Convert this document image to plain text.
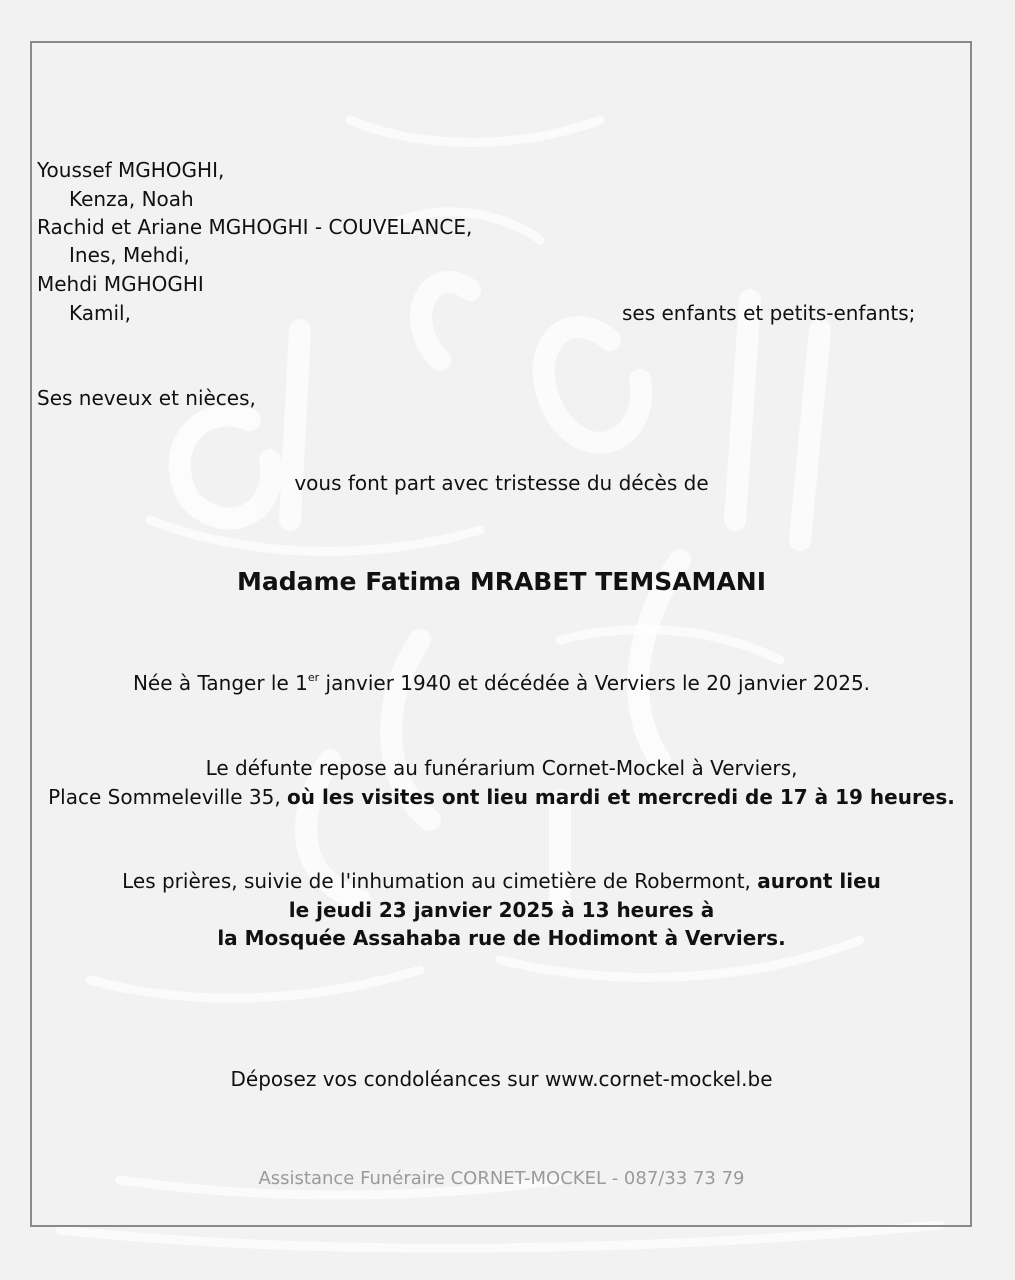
Youssef MGHOGHI,
Kenza, Noah
Rachid et Ariane MGHOGHI - COUVELANCE,
Ines, Mehdi,
Mehdi MGHOGHI
Kamil,	ses enfants et petits-enfants;
Ses neveux et nièces,
vous font part avec tristesse du décès de
Madame Fatima MRABET TEMSAMANI
Née à Tanger le 1er janvier 1940 et décédée à Verviers le 20 janvier 2025.
Le défunte repose au funérarium Cornet-Mockel à Verviers,
Place Sommeleville 35, où les visites ont lieu mardi et mercredi de 17 à 19 heures.
Les prières, suivie de l'inhumation au cimetière de Robermont, auront lieu
le jeudi 23 janvier 2025 à 13 heures à
la Mosquée Assahaba rue de Hodimont à Verviers.
Déposez vos condoléances sur www.cornet-mockel.be
Assistance Funéraire CORNET-MOCKEL - 087/33 73 79
